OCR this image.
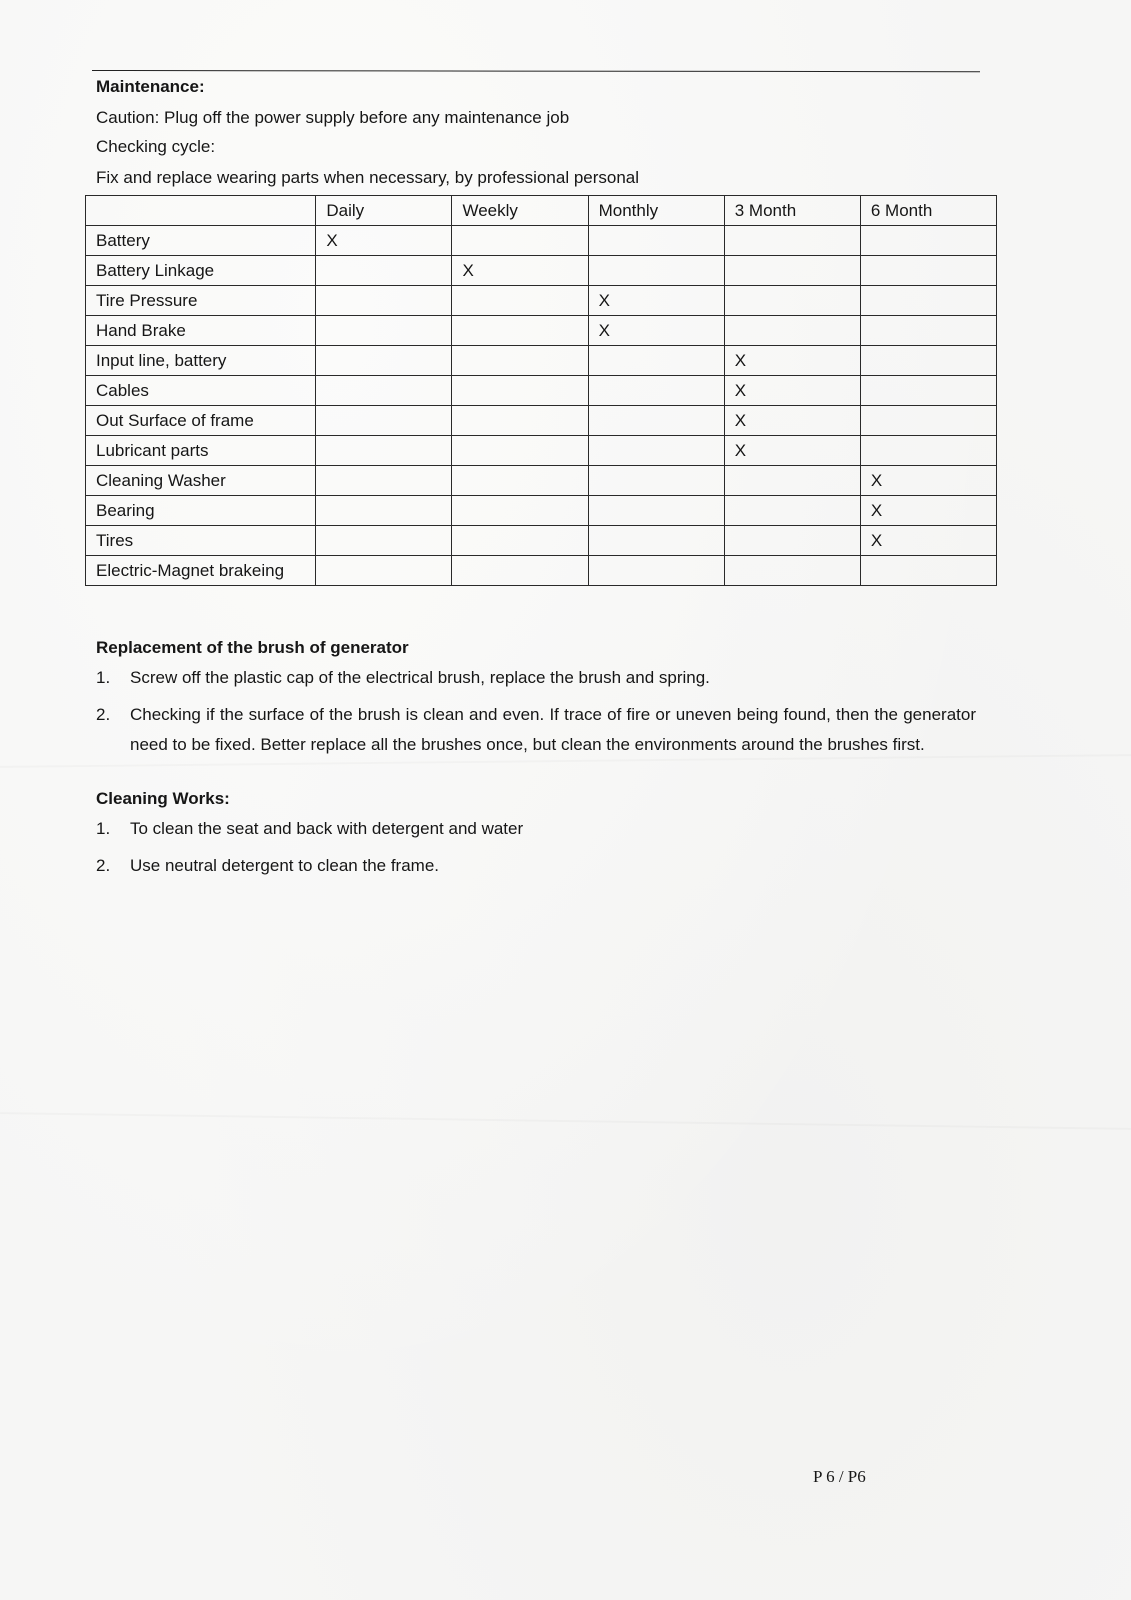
Maintenance:
Caution: Plug off the power supply before any maintenance job
Checking cycle:
Fix and replace wearing parts when necessary, by professional personal
	Daily	Weekly	Monthly	3 Month	6 Month
Battery	X				
Battery Linkage		X			
Tire Pressure			X		
Hand Brake			X		
Input line, battery				X	
Cables				X	
Out Surface of frame				X	
Lubricant parts				X	
Cleaning Washer					X
Bearing					X
Tires					X
Electric-Magnet brakeing					
Replacement of the brush of generator
1.	Screw off the plastic cap of the electrical brush, replace the brush and spring.
2.	Checking if the surface of the brush is clean and even. If trace of fire or uneven being found, then the generator need to be fixed. Better replace all the brushes once, but clean the environments around the brushes first.
Cleaning Works:
1.	To clean the seat and back with detergent and water
2.	Use neutral detergent to clean the frame.
P 6 / P6
